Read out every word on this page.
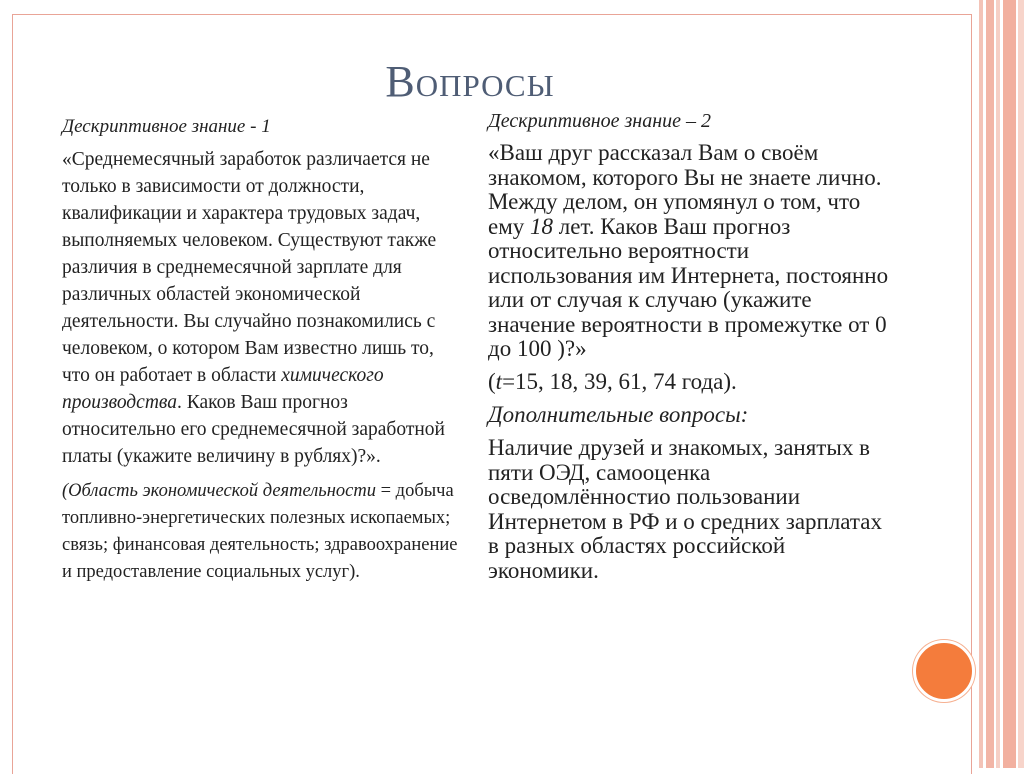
Вопросы

Дескриптивное знание - 1

«Среднемесячный заработок различается не только в зависимости от должности, квалификации и характера трудовых задач, выполняемых человеком. Существуют также различия в среднемесячной зарплате для различных областей экономической деятельности. Вы случайно познакомились с человеком, о котором Вам известно лишь то, что он работает в области химического производства. Каков Ваш прогноз относительно его среднемесячной заработной платы (укажите величину в рублях)?».

(Область экономической деятельности = добыча топливно-энергетических полезных ископаемых; связь; финансовая деятельность; здравоохранение и предоставление социальных услуг).

Дескриптивное знание – 2

«Ваш друг рассказал Вам о своём знакомом, которого Вы не знаете лично. Между делом, он упомянул о том, что ему 18 лет. Каков Ваш прогноз относительно вероятности использования им Интернета, постоянно или от случая к случаю (укажите значение вероятности в промежутке от 0 до 100 )?»

(t=15, 18, 39, 61, 74 года).

Дополнительные вопросы:

Наличие друзей и знакомых, занятых в пяти ОЭД, самооценка осведомлённостио пользовании Интернетом в РФ и о средних зарплатах в разных областях российской экономики.
